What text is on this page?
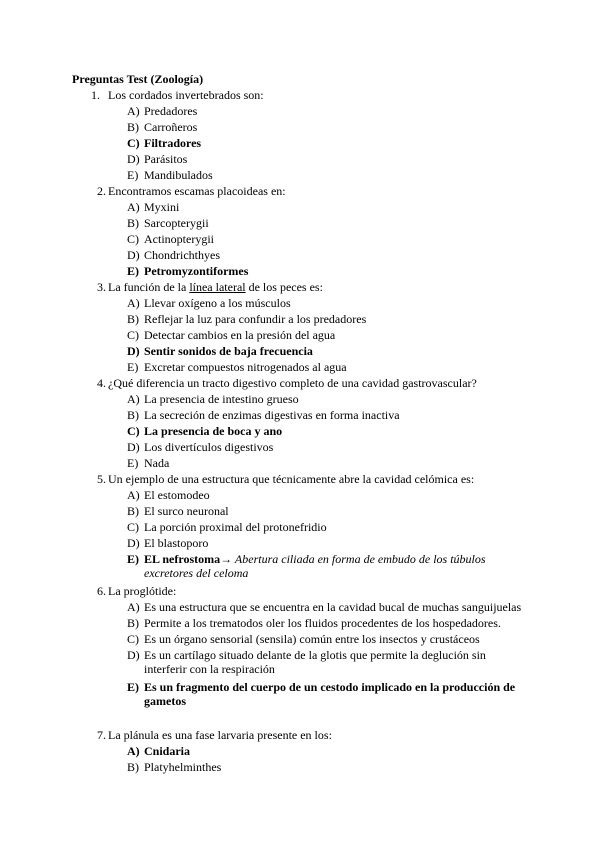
Preguntas Test (Zoología)
1. Los cordados invertebrados son:
A) Predadores
B) Carroñeros
C) Filtradores
D) Parásitos
E) Mandibulados
2. Encontramos escamas placoideas en:
A) Myxini
B) Sarcopterygii
C) Actinopterygii
D) Chondrichthyes
E) Petromyzontiformes
3. La función de la línea lateral de los peces es:
A) Llevar oxígeno a los músculos
B) Reflejar la luz para confundir a los predadores
C) Detectar cambios en la presión del agua
D) Sentir sonidos de baja frecuencia
E) Excretar compuestos nitrogenados al agua
4. ¿Qué diferencia un tracto digestivo completo de una cavidad gastrovascular?
A) La presencia de intestino grueso
B) La secreción de enzimas digestivas en forma inactiva
C) La presencia de boca y ano
D) Los divertículos digestivos
E) Nada
5. Un ejemplo de una estructura que técnicamente abre la cavidad celómica es:
A) El estomodeo
B) El surco neuronal
C) La porción proximal del protonefridio
D) El blastoporo
E) EL nefrostoma→ Abertura ciliada en forma de embudo de los túbulos excretores del celoma
6. La proglótide:
A) Es una estructura que se encuentra en la cavidad bucal de muchas sanguijuelas
B) Permite a los trematodos oler los fluidos procedentes de los hospedadores.
C) Es un órgano sensorial (sensila) común entre los insectos y crustáceos
D) Es un cartílago situado delante de la glotis que permite la deglución sin interferir con la respiración
E) Es un fragmento del cuerpo de un cestodo implicado en la producción de gametos
7. La plánula es una fase larvaria presente en los:
A) Cnidaria
B) Platyhelminthes
